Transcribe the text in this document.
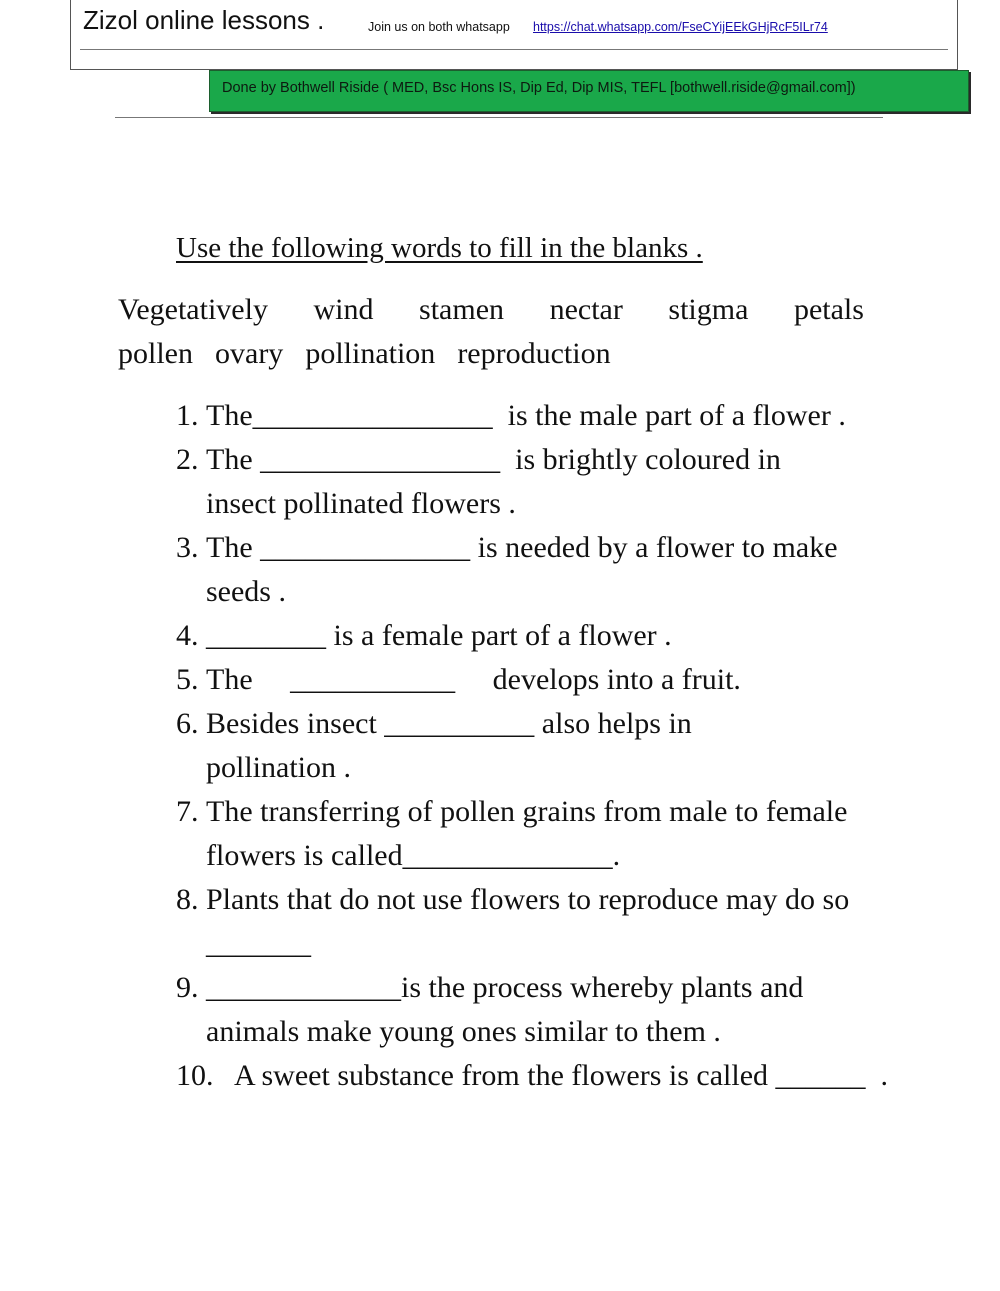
Zizol online lessons .	Join us on both whatsapp https://chat.whatsapp.com/FseCYijEEkGHjRcF5ILr74
Done by Bothwell Riside ( MED, Bsc Hons IS, Dip Ed, Dip MIS, TEFL [bothwell.riside@gmail.com])
Use the following words to fill in the blanks .
Vegetatively wind stamen nectar stigma petals
pollen ovary pollination reproduction
1. The________________  is the male part of a flower .
2. The ________________  is brightly coloured in insect pollinated flowers .
3. The ______________ is needed by a flower to make seeds .
4. ________ is a female part of a flower .
5. The     ___________     develops into a fruit.
6. Besides insect __________ also helps in pollination .
7. The transferring of pollen grains from male to female flowers is called______________.
8. Plants that do not use flowers to reproduce may do so  _______
9. _____________is the process whereby plants and animals make young ones similar to them .
10. A sweet substance from the flowers is called ______  .
